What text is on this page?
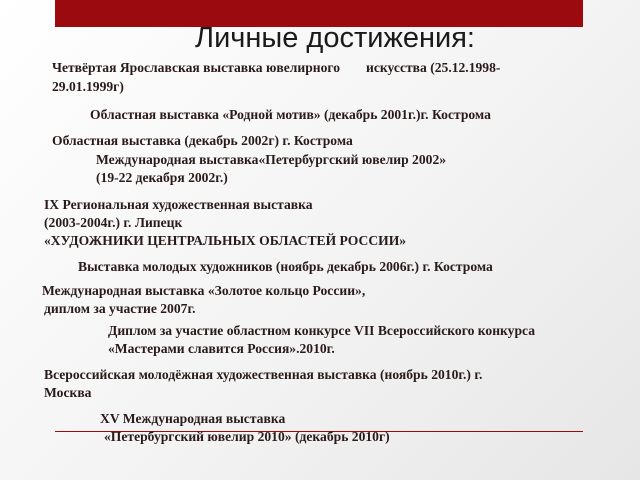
Личные достижения:
Четвёртая Ярославская выставка ювелирного искусства (25.12.1998-
29.01.1999г)
Областная выставка «Родной мотив» (декабрь 2001г.)г. Кострома
Областная выставка (декабрь 2002г) г. Кострома
Международная выставка«Петербургский ювелир 2002»
(19-22 декабря 2002г.)
IX Региональная художественная выставка
(2003-2004г.) г. Липецк
«ХУДОЖНИКИ ЦЕНТРАЛЬНЫХ ОБЛАСТЕЙ РОССИИ»
Выставка молодых художников (ноябрь декабрь 2006г.) г. Кострома
Международная выставка «Золотое кольцо России»,
диплом за участие 2007г.
Диплом за участие областном конкурсе VII Всероссийского конкурса
«Мастерами славится Россия».2010г.
Всероссийская молодёжная художественная выставка (ноябрь 2010г.) г.
Москва
XV Международная выставка
«Петербургский ювелир 2010» (декабрь 2010г)
